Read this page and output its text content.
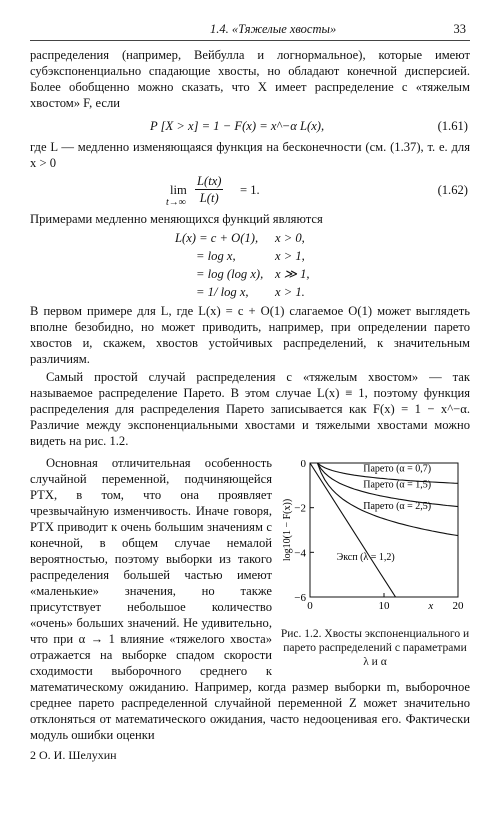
1.4. «Тяжелые хвосты»	33

распределения (например, Вейбулла и логнормальное), которые имеют субэкспоненциально спадающие хвосты, но обладают конечной дисперсией. Более обобщенно можно сказать, что X имеет распределение с «тяжелым хвостом» F, если

P [X > x] = 1 − F(x) = x^−α L(x),	(1.61)

где L — медленно изменяющаяся функция на бесконечности (см. (1.37), т. е. для x > 0

lim
$t\to\infty \frac{L(tx)}{L(t)} = 1$.	(1.62)

Примерами медленно меняющихся функций являются

L(x) = c + O(1), x > 0,
= log x,	x > 1,
= log (log x), x ≫ 1,
= 1/ log x, x > 1.

В первом примере для L, где L(x) = c + O(1) слагаемое O(1) может выглядеть вполне безобидно, но может приводить, например, при определении парето хвостов и, скажем, хвостов устойчивых распределений, к значительным различиям.

Самый простой случай распределения с «тяжелым хвостом» — так называемое распределение Парето. В этом случае L(x) ≡ 1, поэтому функция распределения для распределения Парето записывается как F(x) = 1 − x^−α. Различие между экспоненциальными хвостами и тяжелыми хвостами можно видеть на рис. 1.2.

0
−2
−4
−6
0	10	20
x
log10(1 − F(x))
Парето (α = 0,7)
Парето (α = 1,5)
Парето (α = 2,5)
Эксп (λ = 1,2)
Рис. 1.2. Хвосты экспоненциального и парето распределений с параметрами λ и α

Основная отличительная особенность случайной переменной, подчиняющейся РТХ, в том, что она проявляет чрезвычайную изменчивость. Иначе говоря, РТХ приводит к очень большим значениям с конечной, в общем случае немалой вероятностью, поэтому выборки из такого распределения большей частью имеют «маленькие» значения, но также присутствует небольшое количество «очень» больших значений. Не удивительно, что при α → 1 влияние «тяжелого хвоста» отражается на выборке спадом скорости сходимости выборочного среднего к математическому ожиданию. Например, когда размер выборки m, выборочное среднее парето распределенной случайной переменной Z может значительно отклоняться от математического ожидания, часто недооценивая его. Фактически модуль ошибки оценки

2 О. И. Шелухин
